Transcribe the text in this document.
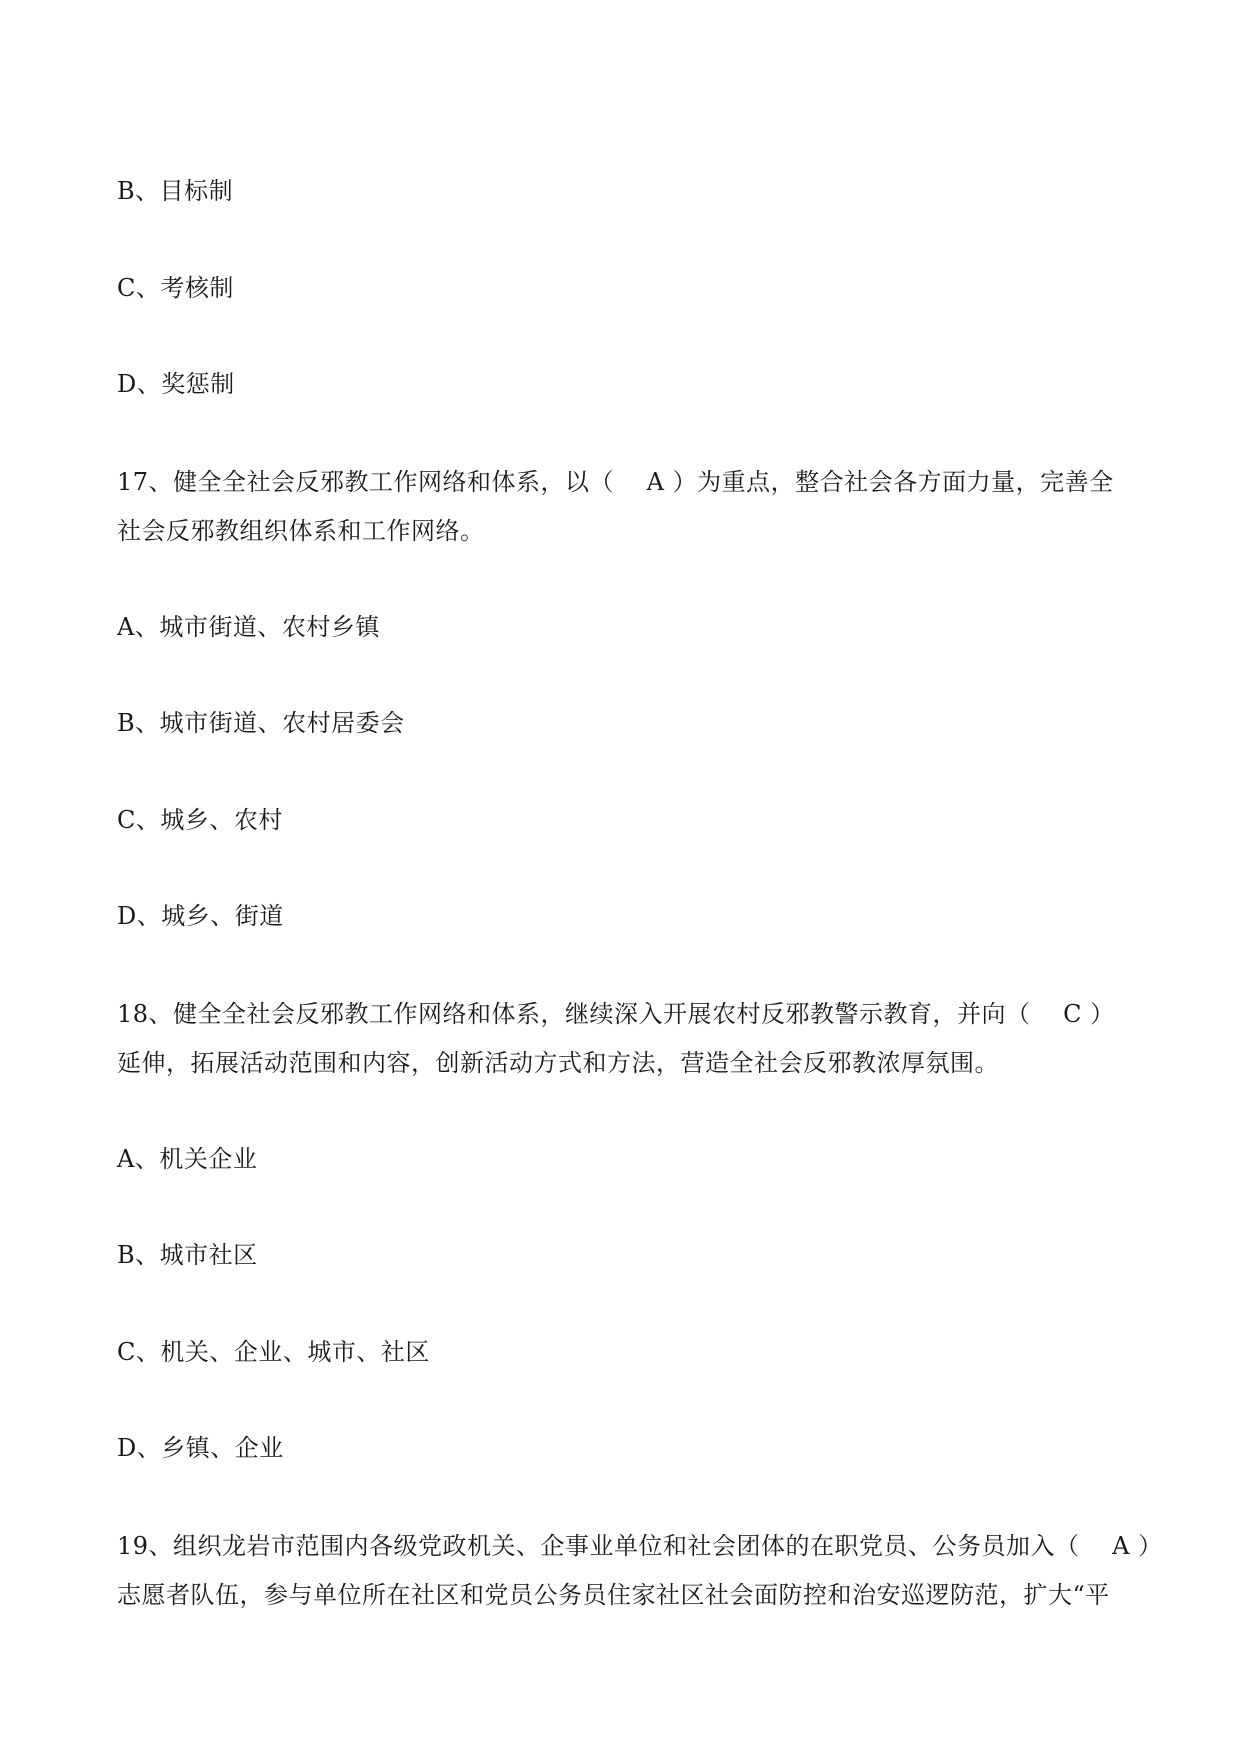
B、目标制
C、考核制
D、奖惩制
17、健全全社会反邪教工作网络和体系，以（　 A ）为重点，整合社会各方面力量，完善全
社会反邪教组织体系和工作网络。
A、城市街道、农村乡镇
B、城市街道、农村居委会
C、城乡、农村
D、城乡、街道
18、健全全社会反邪教工作网络和体系，继续深入开展农村反邪教警示教育，并向（　 C ）
延伸，拓展活动范围和内容，创新活动方式和方法，营造全社会反邪教浓厚氛围。
A、机关企业
B、城市社区
C、机关、企业、城市、社区
D、乡镇、企业
19、组织龙岩市范围内各级党政机关、企事业单位和社会团体的在职党员、公务员加入（　 A ）
志愿者队伍，参与单位所在社区和党员公务员住家社区社会面防控和治安巡逻防范，扩大“平
